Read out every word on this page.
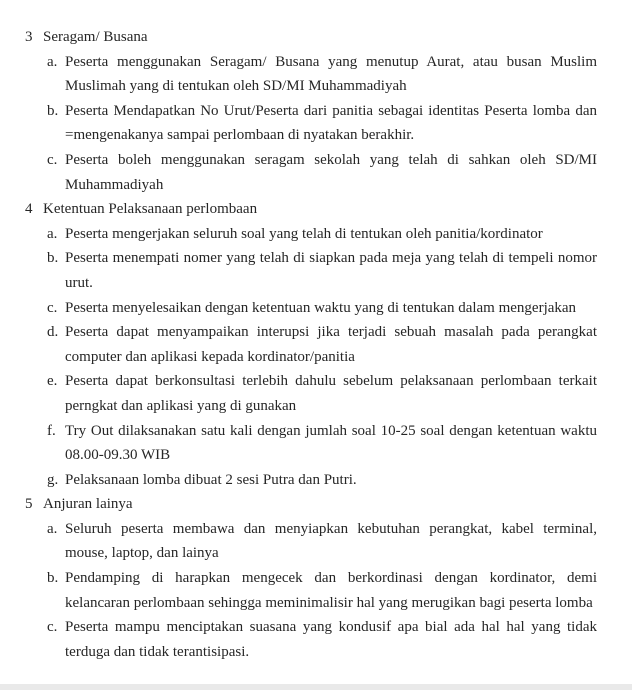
3 Seragam/ Busana
a. Peserta menggunakan Seragam/ Busana yang menutup Aurat, atau busan Muslim Muslimah yang di tentukan oleh SD/MI Muhammadiyah
b. Peserta Mendapatkan No Urut/Peserta dari panitia sebagai identitas Peserta lomba dan =mengenakanya sampai perlombaan di nyatakan berakhir.
c. Peserta boleh menggunakan seragam sekolah yang telah di sahkan oleh SD/MI Muhammadiyah
4 Ketentuan Pelaksanaan perlombaan
a. Peserta mengerjakan seluruh soal yang telah di tentukan oleh panitia/kordinator
b. Peserta menempati nomer yang telah di siapkan pada meja yang telah di tempeli nomor urut.
c. Peserta menyelesaikan dengan ketentuan waktu yang di tentukan dalam mengerjakan
d. Peserta dapat menyampaikan interupsi jika terjadi sebuah masalah pada perangkat computer dan aplikasi kepada kordinator/panitia
e. Peserta dapat berkonsultasi terlebih dahulu sebelum pelaksanaan perlombaan terkait perngkat dan aplikasi yang di gunakan
f. Try Out dilaksanakan satu kali dengan jumlah soal 10-25 soal dengan ketentuan waktu 08.00-09.30 WIB
g. Pelaksanaan lomba dibuat 2 sesi Putra dan Putri.
5 Anjuran lainya
a. Seluruh peserta membawa dan menyiapkan kebutuhan perangkat, kabel terminal, mouse, laptop, dan lainya
b. Pendamping di harapkan mengecek dan berkordinasi dengan kordinator, demi kelancaran perlombaan sehingga meminimalisir hal yang merugikan bagi peserta lomba
c. Peserta mampu menciptakan suasana yang kondusif apa bial ada hal hal yang tidak terduga dan tidak terantisipasi.
